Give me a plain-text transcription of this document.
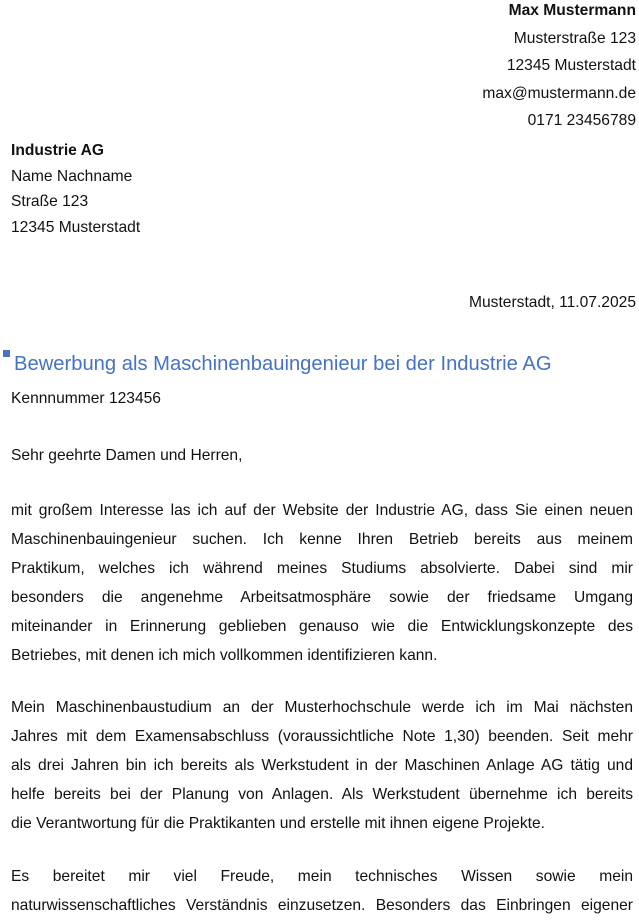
Max Mustermann
Musterstraße 123
12345 Musterstadt
max@mustermann.de
0171 23456789
Industrie AG
Name Nachname
Straße 123
12345 Musterstadt
Musterstadt, 11.07.2025
Bewerbung als Maschinenbauingenieur bei der Industrie AG
Kennnummer 123456
Sehr geehrte Damen und Herren,
mit großem Interesse las ich auf der Website der Industrie AG, dass Sie einen neuen
Maschinenbauingenieur suchen. Ich kenne Ihren Betrieb bereits aus meinem
Praktikum, welches ich während meines Studiums absolvierte. Dabei sind mir
besonders die angenehme Arbeitsatmosphäre sowie der friedsame Umgang
miteinander in Erinnerung geblieben genauso wie die Entwicklungskonzepte des
Betriebes, mit denen ich mich vollkommen identifizieren kann.
Mein Maschinenbaustudium an der Musterhochschule werde ich im Mai nächsten
Jahres mit dem Examensabschluss (voraussichtliche Note 1,30) beenden. Seit mehr
als drei Jahren bin ich bereits als Werkstudent in der Maschinen Anlage AG tätig und
helfe bereits bei der Planung von Anlagen. Als Werkstudent übernehme ich bereits
die Verantwortung für die Praktikanten und erstelle mit ihnen eigene Projekte.
Es bereitet mir viel Freude, mein technisches Wissen sowie mein
naturwissenschaftliches Verständnis einzusetzen. Besonders das Einbringen eigener
